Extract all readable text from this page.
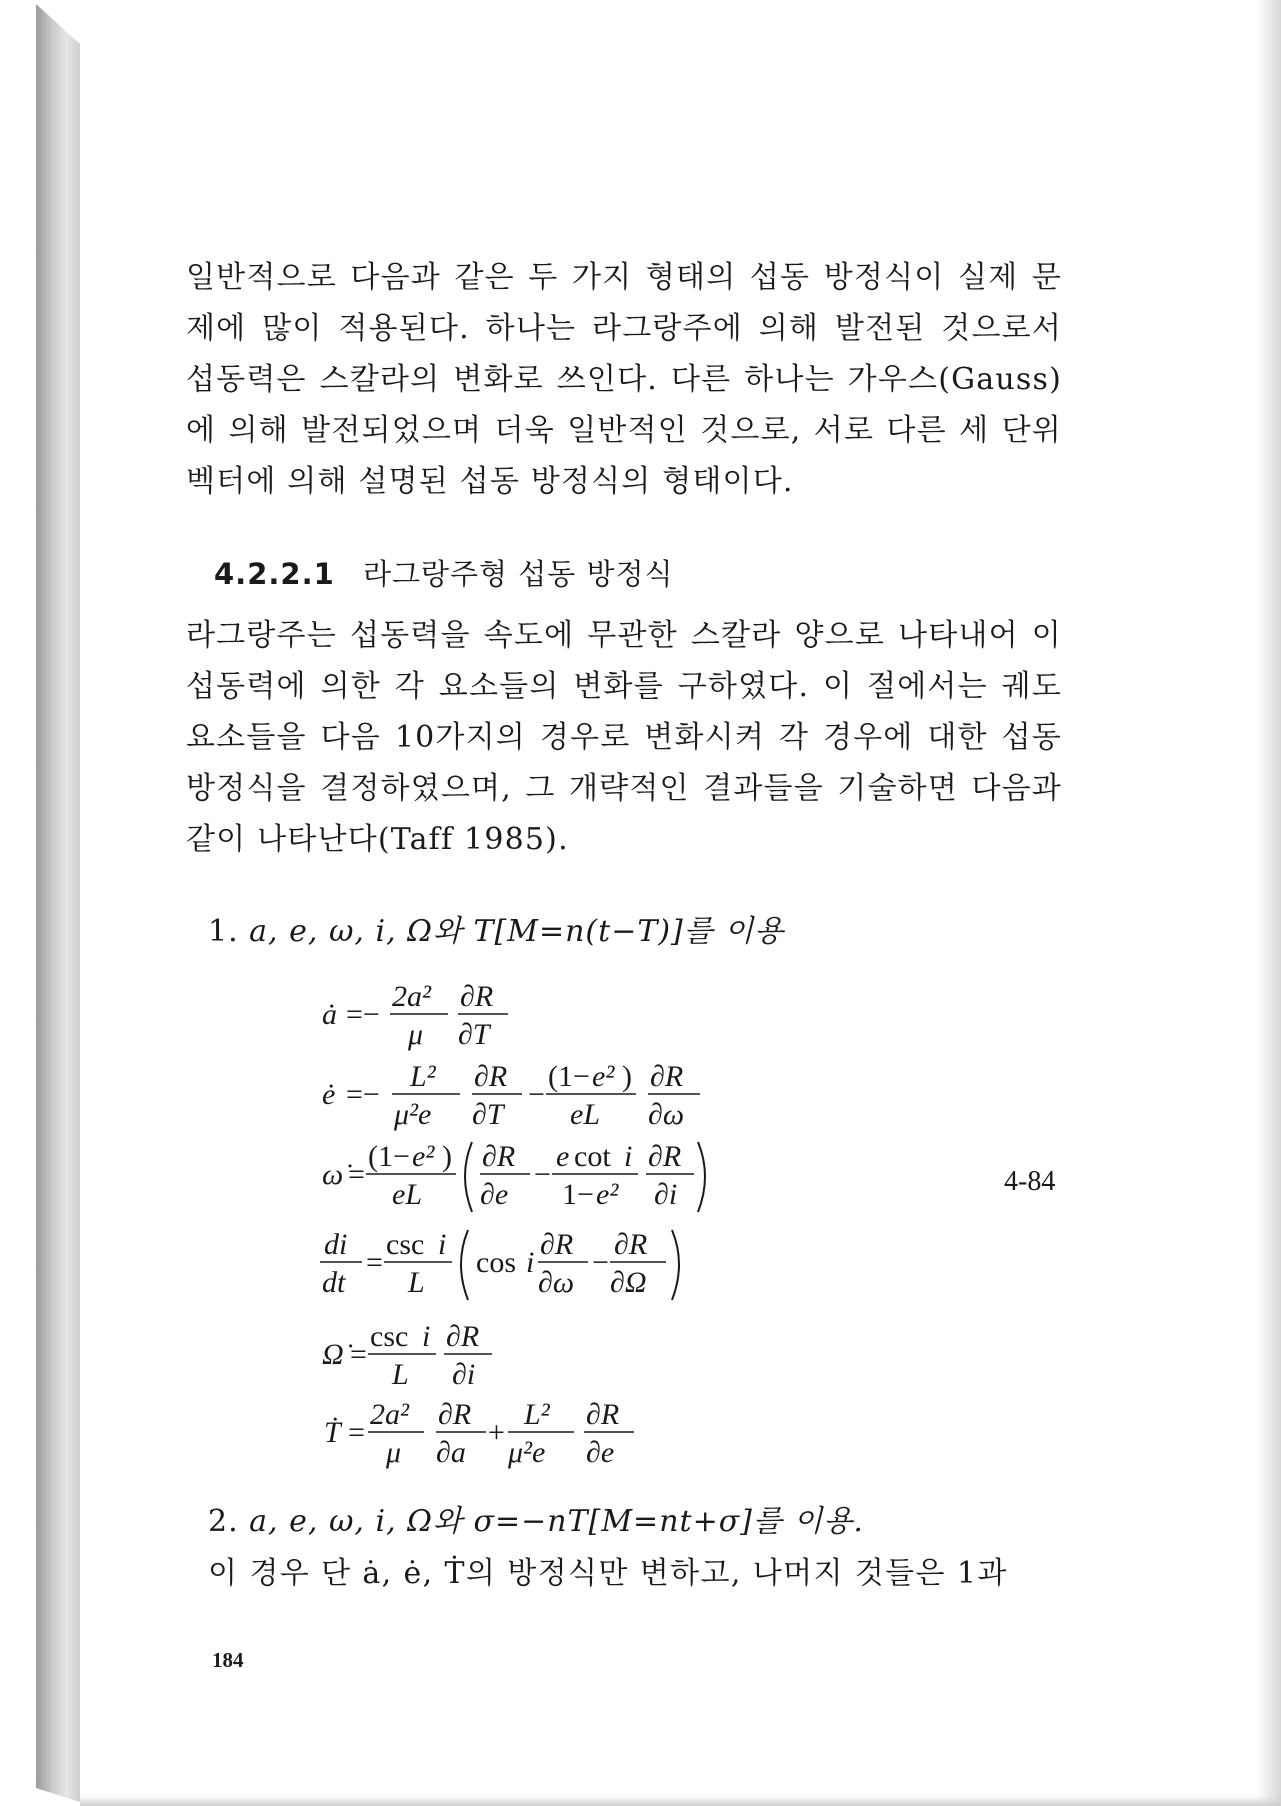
일반적으로 다음과 같은 두 가지 형태의 섭동 방정식이 실제 문제에 많이 적용된다. 하나는 라그랑주에 의해 발전된 것으로서 섭동력은 스칼라의 변화로 쓰인다. 다른 하나는 가우스(Gauss)에 의해 발전되었으며 더욱 일반적인 것으로, 서로 다른 세 단위 벡터에 의해 설명된 섭동 방정식의 형태이다.

4.2.2.1 라그랑주형 섭동 방정식

라그랑주는 섭동력을 속도에 무관한 스칼라 양으로 나타내어 이 섭동력에 의한 각 요소들의 변화를 구하였다. 이 절에서는 궤도 요소들을 다음 10가지의 경우로 변화시켜 각 경우에 대한 섭동 방정식을 결정하였으며, 그 개략적인 결과들을 기술하면 다음과 같이 나타난다(Taff 1985).

1. a, e, ω, i, Ω와 T[M=n(t−T)]를 이용
ȧ =−
2a²
μ
∂R
∂T
ė =−
L²
μ²e
∂R
∂T
−
(1− e² )
eL
∂R
∂ω
ω̇ =
(1− e² )
eL
∂R
∂e
−
e cot i
1− e²
∂R
∂i
di
dt
=
csc i
L
cos i
∂R
∂ω
−
∂R
∂Ω
Ω̇ =
csc i
L
∂R
∂i
Ṫ =
2a²
μ
∂R
∂a
+
L²
μ²e
∂R
∂e
4-84
2. a, e, ω, i, Ω와 σ=−nT[M=nt+σ]를 이용.
이 경우 단 ȧ, ė, Ṫ의 방정식만 변하고, 나머지 것들은 1과
184
